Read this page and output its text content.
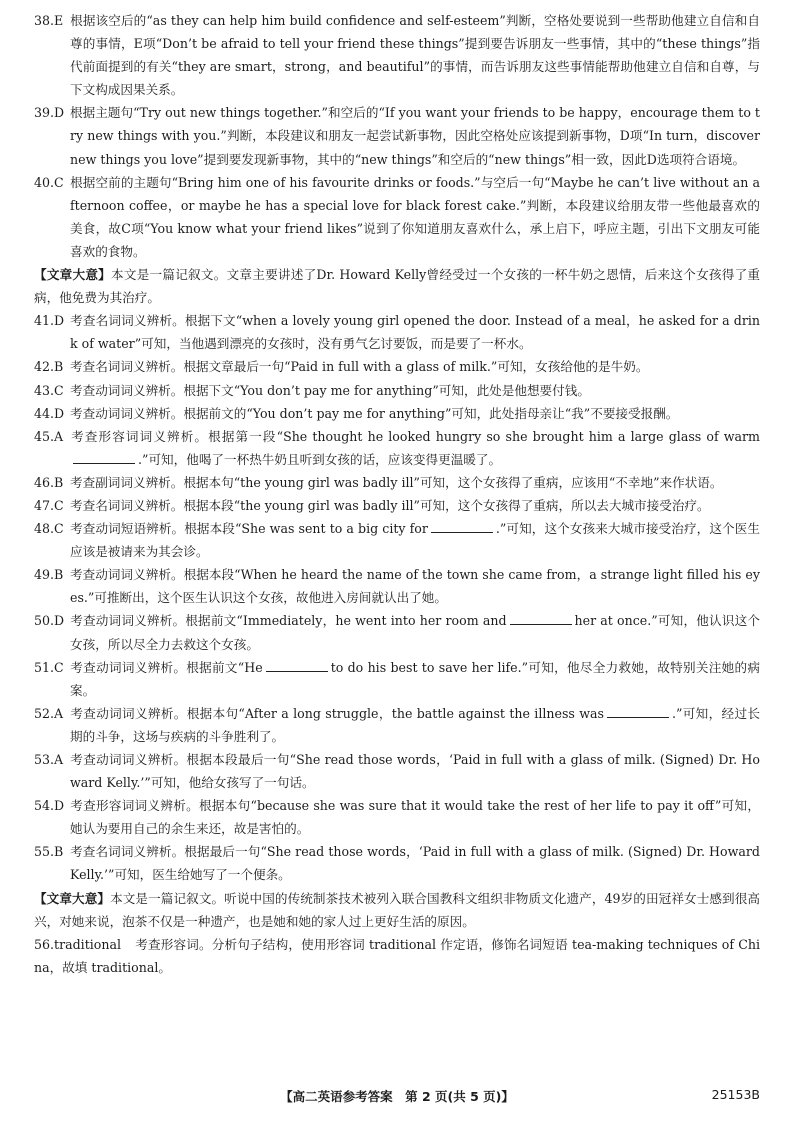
38.E 根据该空后的“as they can help him build confidence and self-esteem”判断，空格处要说到一些帮助他建立自信和自尊的事情，E项“Don’t be afraid to tell your friend these things”提到要告诉朋友一些事情，其中的“these things”指代前面提到的有关“they are smart，strong，and beautiful”的事情，而告诉朋友这些事情能帮助他建立自信和自尊，与下文构成因果关系。

39.D 根据主题句“Try out new things together.”和空后的“If you want your friends to be happy，encourage them to try new things with you.”判断，本段建议和朋友一起尝试新事物，因此空格处应该提到新事物，D项“In turn，discover new things you love”提到要发现新事物，其中的“new things”和空后的“new things”相一致，因此D选项符合语境。

40.C 根据空前的主题句“Bring him one of his favourite drinks or foods.”与空后一句“Maybe he can’t live without an afternoon coffee，or maybe he has a special love for black forest cake.”判断，本段建议给朋友带一些他最喜欢的美食，故C项“You know what your friend likes”说到了你知道朋友喜欢什么，承上启下，呼应主题，引出下文朋友可能喜欢的食物。

【文章大意】本文是一篇记叙文。文章主要讲述了Dr. Howard Kelly曾经受过一个女孩的一杯牛奶之恩情，后来这个女孩得了重病，他免费为其治疗。

41.D 考查名词词义辨析。根据下文“when a lovely young girl opened the door. Instead of a meal，he asked for a drink of water”可知，当他遇到漂亮的女孩时，没有勇气乞讨要饭，而是要了一杯水。

42.B 考查名词词义辨析。根据文章最后一句“Paid in full with a glass of milk.”可知，女孩给他的是牛奶。

43.C 考查动词词义辨析。根据下文“You don’t pay me for anything”可知，此处是他想要付钱。

44.D 考查动词词义辨析。根据前文的“You don’t pay me for anything”可知，此处指母亲让“我”不要接受报酬。

45.A 考查形容词词义辨析。根据第一段“She thought he looked hungry so she brought him a large glass of warm.”可知，他喝了一杯热牛奶且听到女孩的话，应该变得更温暖了。

46.B 考查副词词义辨析。根据本句“the young girl was badly ill”可知，这个女孩得了重病，应该用“不幸地”来作状语。

47.C 考查名词词义辨析。根据本段“the young girl was badly ill”可知，这个女孩得了重病，所以去大城市接受治疗。

48.C 考查动词短语辨析。根据本段“She was sent to a big city for	.”可知，这个女孩来大城市接受治疗，这个医生应该是被请来为其会诊。

49.B 考查动词词义辨析。根据本段“When he heard the name of the town she came from，a strange light filled his eyes.”可推断出，这个医生认识这个女孩，故他进入房间就认出了她。

50.D 考查动词词义辨析。根据前文“Immediately，he went into her room and	her at once.”可知，他认识这个女孩，所以尽全力去救这个女孩。

51.C 考查动词词义辨析。根据前文“He	to do his best to save her life.”可知，他尽全力救她，故特别关注她的病案。

52.A 考查动词词义辨析。根据本句“After a long struggle，the battle against the illness was	.”可知，经过长期的斗争，这场与疾病的斗争胜利了。

53.A 考查动词词义辨析。根据本段最后一句“She read those words，‘Paid in full with a glass of milk. (Signed) Dr. Howard Kelly.’”可知，他给女孩写了一句话。

54.D 考查形容词词义辨析。根据本句“because she was sure that it would take the rest of her life to pay it off”可知，她认为要用自己的余生来还，故是害怕的。

55.B 考查名词词义辨析。根据最后一句“She read those words，‘Paid in full with a glass of milk. (Signed) Dr. Howard Kelly.’”可知，医生给她写了一个便条。

【文章大意】本文是一篇记叙文。听说中国的传统制茶技术被列入联合国教科文组织非物质文化遗产，49岁的田冠祥女士感到很高兴，对她来说，泡茶不仅是一种遗产，也是她和她的家人过上更好生活的原因。

56.traditional 考查形容词。分析句子结构，使用形容词 traditional 作定语，修饰名词短语 tea-making techniques of China，故填 traditional。

【高二英语参考答案　第 2 页(共 5 页)】	25153B
